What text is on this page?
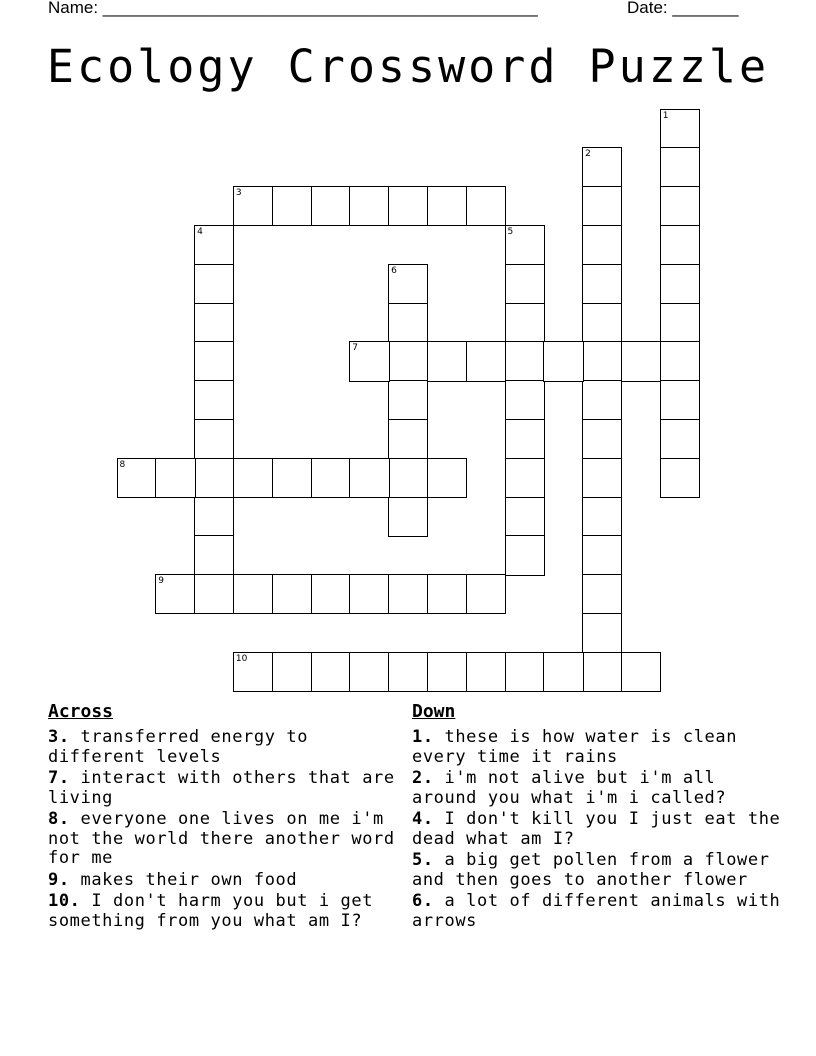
Name: ______________________________________________	Date: _______
Ecology Crossword Puzzle
1
2
3
4	5
6
7
8
9
10
Across
3. transferred energy to different levels
7. interact with others that are living
8. everyone one lives on me i'm not the world there another word for me
9. makes their own food
10. I don't harm you but i get something from you what am I?
Down
1. these is how water is clean every time it rains
2. i'm not alive but i'm all around you what i'm i called?
4. I don't kill you I just eat the dead what am I?
5. a big get pollen from a flower and then goes to another flower
6. a lot of different animals with arrows
